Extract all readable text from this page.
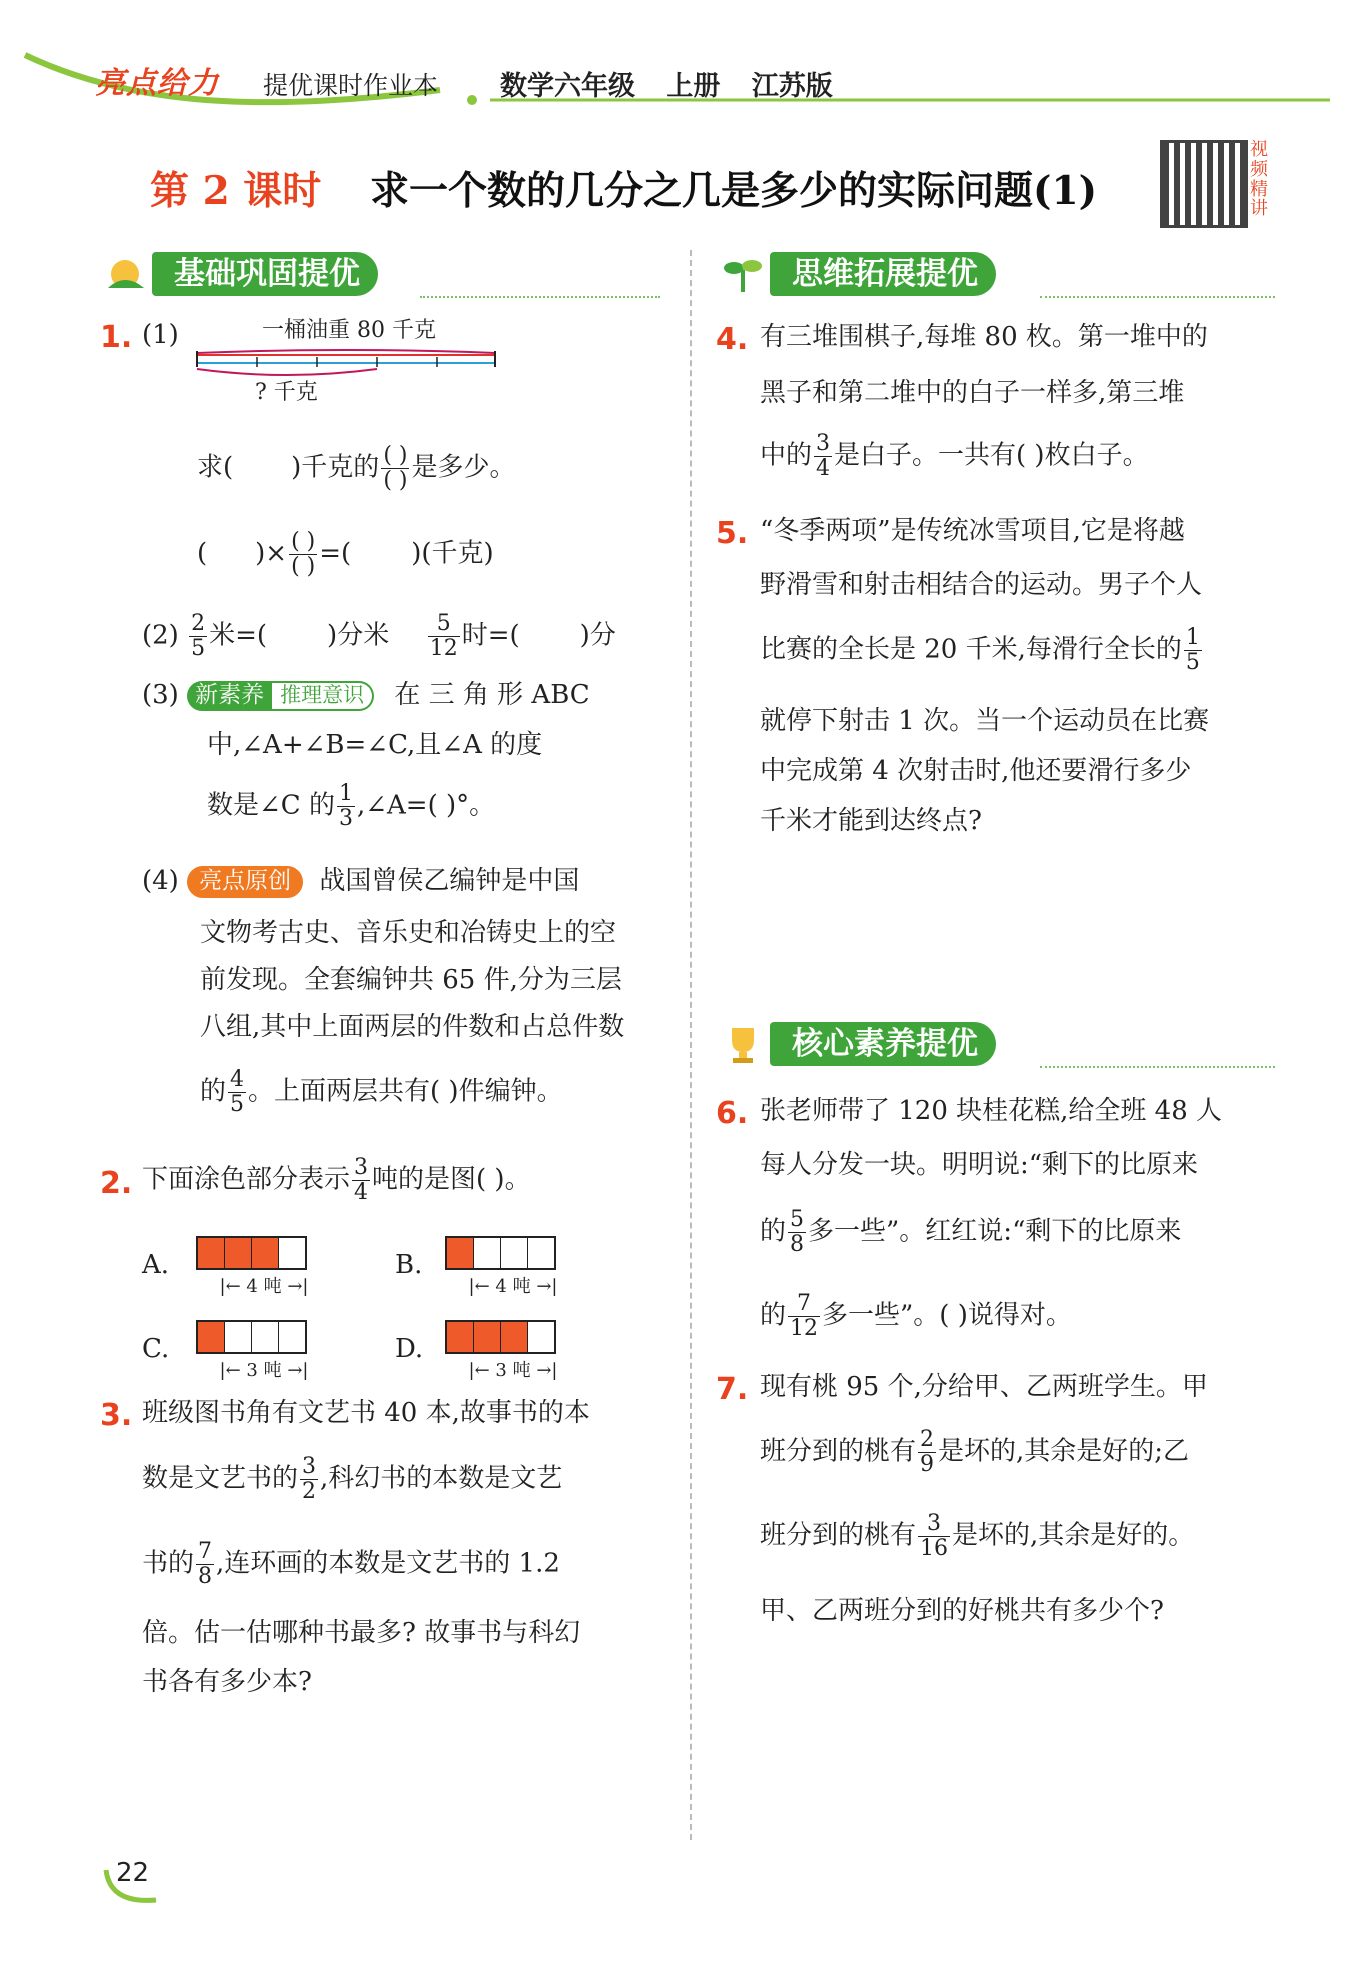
亮点给力 提优课时作业本 数学六年级 上册 江苏版
第 2 课时 求一个数的几分之几是多少的实际问题(1)
视频精讲
基础巩固提优	思维拓展提优
核心素养提优
1. (1)	一桶油重 80 千克
? 千克
求( )千克的 $\frac{( )}{( )}$ 是多少。
( )× $\frac{( )}{( )}$ =( )(千克)
$(2) \frac{2}{5}$ 米=( )分米 $\frac{5}{12}$ 时=( )分
(3) 新素养 推理意识 在 三 角 形 ABC
中,∠A+∠B=∠C,且∠A 的度
数是∠C 的 $\frac{1}{3}$ ,∠A=( )°。
(4) 亮点原创 战国曾侯乙编钟是中国
文物考古史、音乐史和冶铸史上的空
前发现。全套编钟共 65 件,分为三层
八组,其中上面两层的件数和占总件数
的 $\frac{4}{5}$ 。上面两层共有( )件编钟。
2. 下面涂色部分表示 $\frac{3}{4}$ 吨的是图( )。
A.
|← 4 吨 →|
B.
|← 4 吨 →|
C.
|← 3 吨 →|
D.
|← 3 吨 →|
3. 班级图书角有文艺书 40 本,故事书的本
数是文艺书的 $\frac{3}{2}$ ,科幻书的本数是文艺
书的 $\frac{7}{8}$ ,连环画的本数是文艺书的 1.2
倍。估一估哪种书最多? 故事书与科幻
书各有多少本?
4. 有三堆围棋子,每堆 80 枚。第一堆中的
黑子和第二堆中的白子一样多,第三堆
中的 $\frac{3}{4}$ 是白子。一共有( )枚白子。
5. “冬季两项”是传统冰雪项目,它是将越
野滑雪和射击相结合的运动。男子个人
比赛的全长是 20 千米,每滑行全长的 $\frac{1}{5}$
就停下射击 1 次。当一个运动员在比赛
中完成第 4 次射击时,他还要滑行多少
千米才能到达终点?
6. 张老师带了 120 块桂花糕,给全班 48 人
每人分发一块。明明说:“剩下的比原来
的 $\frac{5}{8}$ 多一些”。红红说:“剩下的比原来
的 $\frac{7}{12}$ 多一些”。( )说得对。
7. 现有桃 95 个,分给甲、乙两班学生。甲
班分到的桃有 $\frac{2}{9}$ 是坏的,其余是好的;乙
班分到的桃有 $\frac{3}{16}$ 是坏的,其余是好的。
甲、乙两班分到的好桃共有多少个?
22
